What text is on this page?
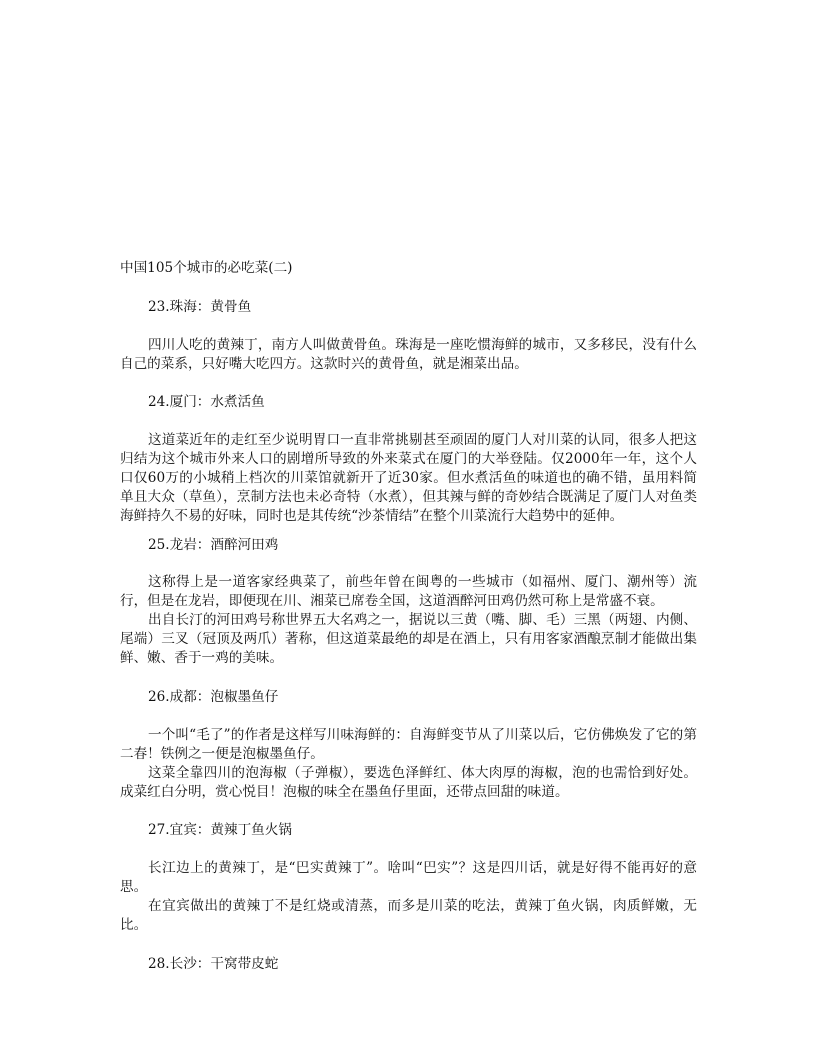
中国105个城市的必吃菜(二)
23.珠海：黄骨鱼

四川人吃的黄辣丁，南方人叫做黄骨鱼。珠海是一座吃惯海鲜的城市，又多移民，没有什么自己的菜系，只好嘴大吃四方。这款时兴的黄骨鱼，就是湘菜出品。

24.厦门：水煮活鱼

这道菜近年的走红至少说明胃口一直非常挑剔甚至顽固的厦门人对川菜的认同，很多人把这归结为这个城市外来人口的剧增所导致的外来菜式在厦门的大举登陆。仅2000年一年，这个人口仅60万的小城稍上档次的川菜馆就新开了近30家。但水煮活鱼的味道也的确不错，虽用料简单且大众（草鱼），烹制方法也未必奇特（水煮），但其辣与鲜的奇妙结合既满足了厦门人对鱼类海鲜持久不易的好味，同时也是其传统“沙茶情结”在整个川菜流行大趋势中的延伸。

25.龙岩：酒醉河田鸡

这称得上是一道客家经典菜了，前些年曾在闽粤的一些城市（如福州、厦门、潮州等）流行，但是在龙岩，即便现在川、湘菜已席卷全国，这道酒醉河田鸡仍然可称上是常盛不衰。

出自长汀的河田鸡号称世界五大名鸡之一，据说以三黄（嘴、脚、毛）三黑（两翅、内侧、尾端）三叉（冠顶及两爪）著称，但这道菜最绝的却是在酒上，只有用客家酒酿烹制才能做出集鲜、嫩、香于一鸡的美味。

26.成都：泡椒墨鱼仔

一个叫“毛了”的作者是这样写川味海鲜的：自海鲜变节从了川菜以后，它仿佛焕发了它的第二春！铁例之一便是泡椒墨鱼仔。

这菜全靠四川的泡海椒（子弹椒），要选色泽鲜红、体大肉厚的海椒，泡的也需恰到好处。成菜红白分明，赏心悦目！泡椒的味全在墨鱼仔里面，还带点回甜的味道。

27.宜宾：黄辣丁鱼火锅

长江边上的黄辣丁，是“巴实黄辣丁”。啥叫“巴实”？这是四川话，就是好得不能再好的意思。

在宜宾做出的黄辣丁不是红烧或清蒸，而多是川菜的吃法，黄辣丁鱼火锅，肉质鲜嫩，无比。

28.长沙：干窝带皮蛇
